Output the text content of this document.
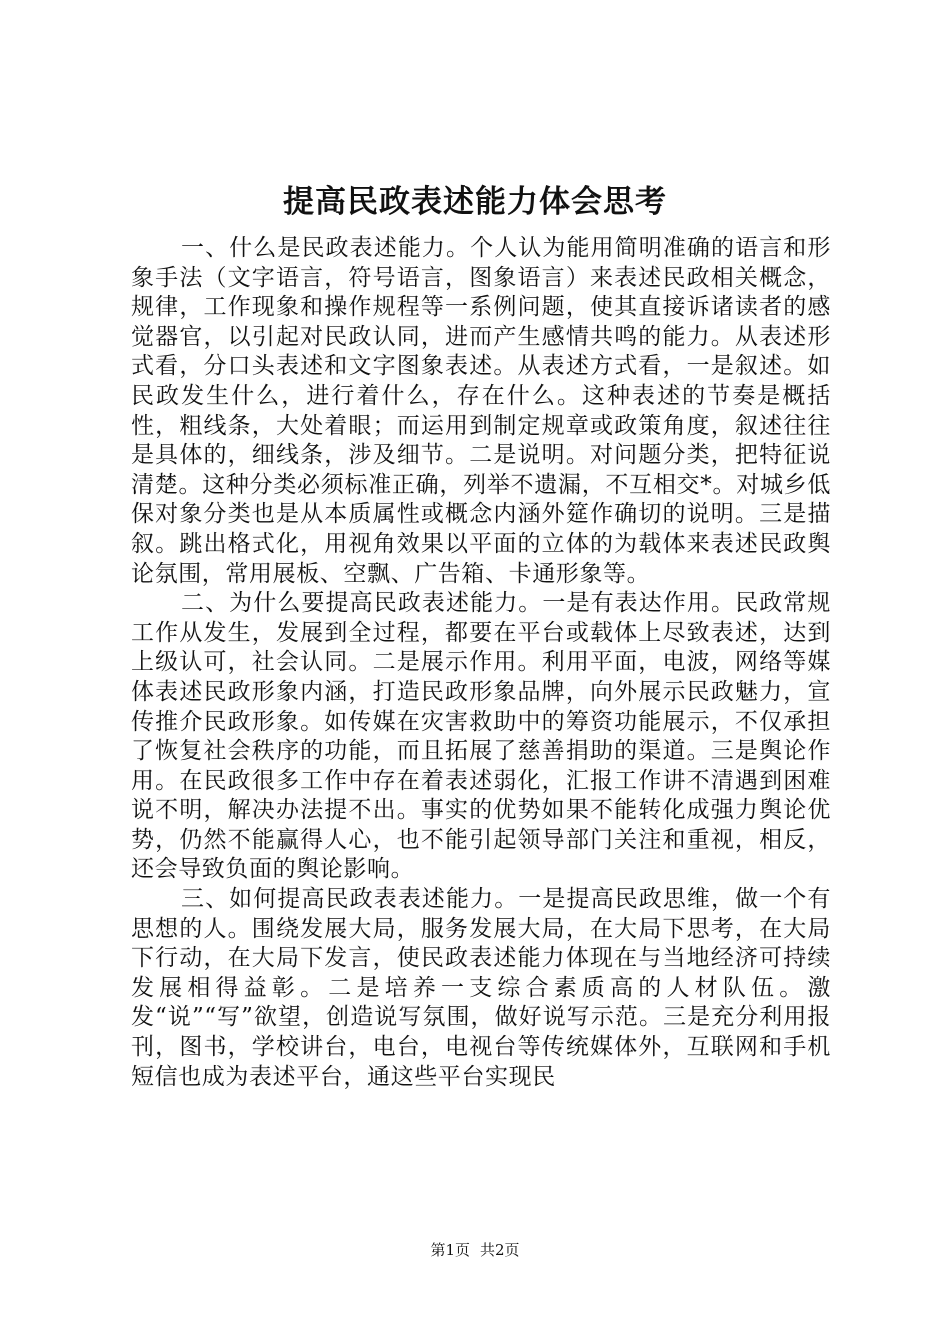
提高民政表述能力体会思考

一、什么是民政表述能力。个人认为能用简明准确的语言和形象手法（文字语言，符号语言，图象语言）来表述民政相关概念，规律，工作现象和操作规程等一系例问题，使其直接诉诸读者的感觉器官，以引起对民政认同，进而产生感情共鸣的能力。从表述形式看，分口头表述和文字图象表述。从表述方式看，一是叙述。如民政发生什么，进行着什么，存在什么。这种表述的节奏是概括性，粗线条，大处着眼；而运用到制定规章或政策角度，叙述往往是具体的，细线条，涉及细节。二是说明。对问题分类，把特征说清楚。这种分类必须标准正确，列举不遗漏，不互相交*。对城乡低保对象分类也是从本质属性或概念内涵外筵作确切的说明。三是描叙。跳出格式化，用视角效果以平面的立体的为载体来表述民政舆论氛围，常用展板、空飘、广告箱、卡通形象等。

二、为什么要提高民政表述能力。一是有表达作用。民政常规工作从发生，发展到全过程，都要在平台或载体上尽致表述，达到上级认可，社会认同。二是展示作用。利用平面，电波，网络等媒体表述民政形象内涵，打造民政形象品牌，向外展示民政魅力，宣传推介民政形象。如传媒在灾害救助中的筹资功能展示，不仅承担了恢复社会秩序的功能，而且拓展了慈善捐助的渠道。三是舆论作用。在民政很多工作中存在着表述弱化，汇报工作讲不清遇到困难说不明，解决办法提不出。事实的优势如果不能转化成强力舆论优势，仍然不能赢得人心，也不能引起领导部门关注和重视，相反，还会导致负面的舆论影响。

三、如何提高民政表表述能力。一是提高民政思维，做一个有思想的人。围绕发展大局，服务发展大局，在大局下思考，在大局下行动，在大局下发言，使民政表述能力体现在与当地经济可持续发展相得益彰。二是培养一支综合素质高的人材队伍。激发“说”“写”欲望，创造说写氛围，做好说写示范。三是充分利用报刊，图书，学校讲台，电台，电视台等传统媒体外，互联网和手机短信也成为表述平台，通这些平台实现民

第1页 共2页
